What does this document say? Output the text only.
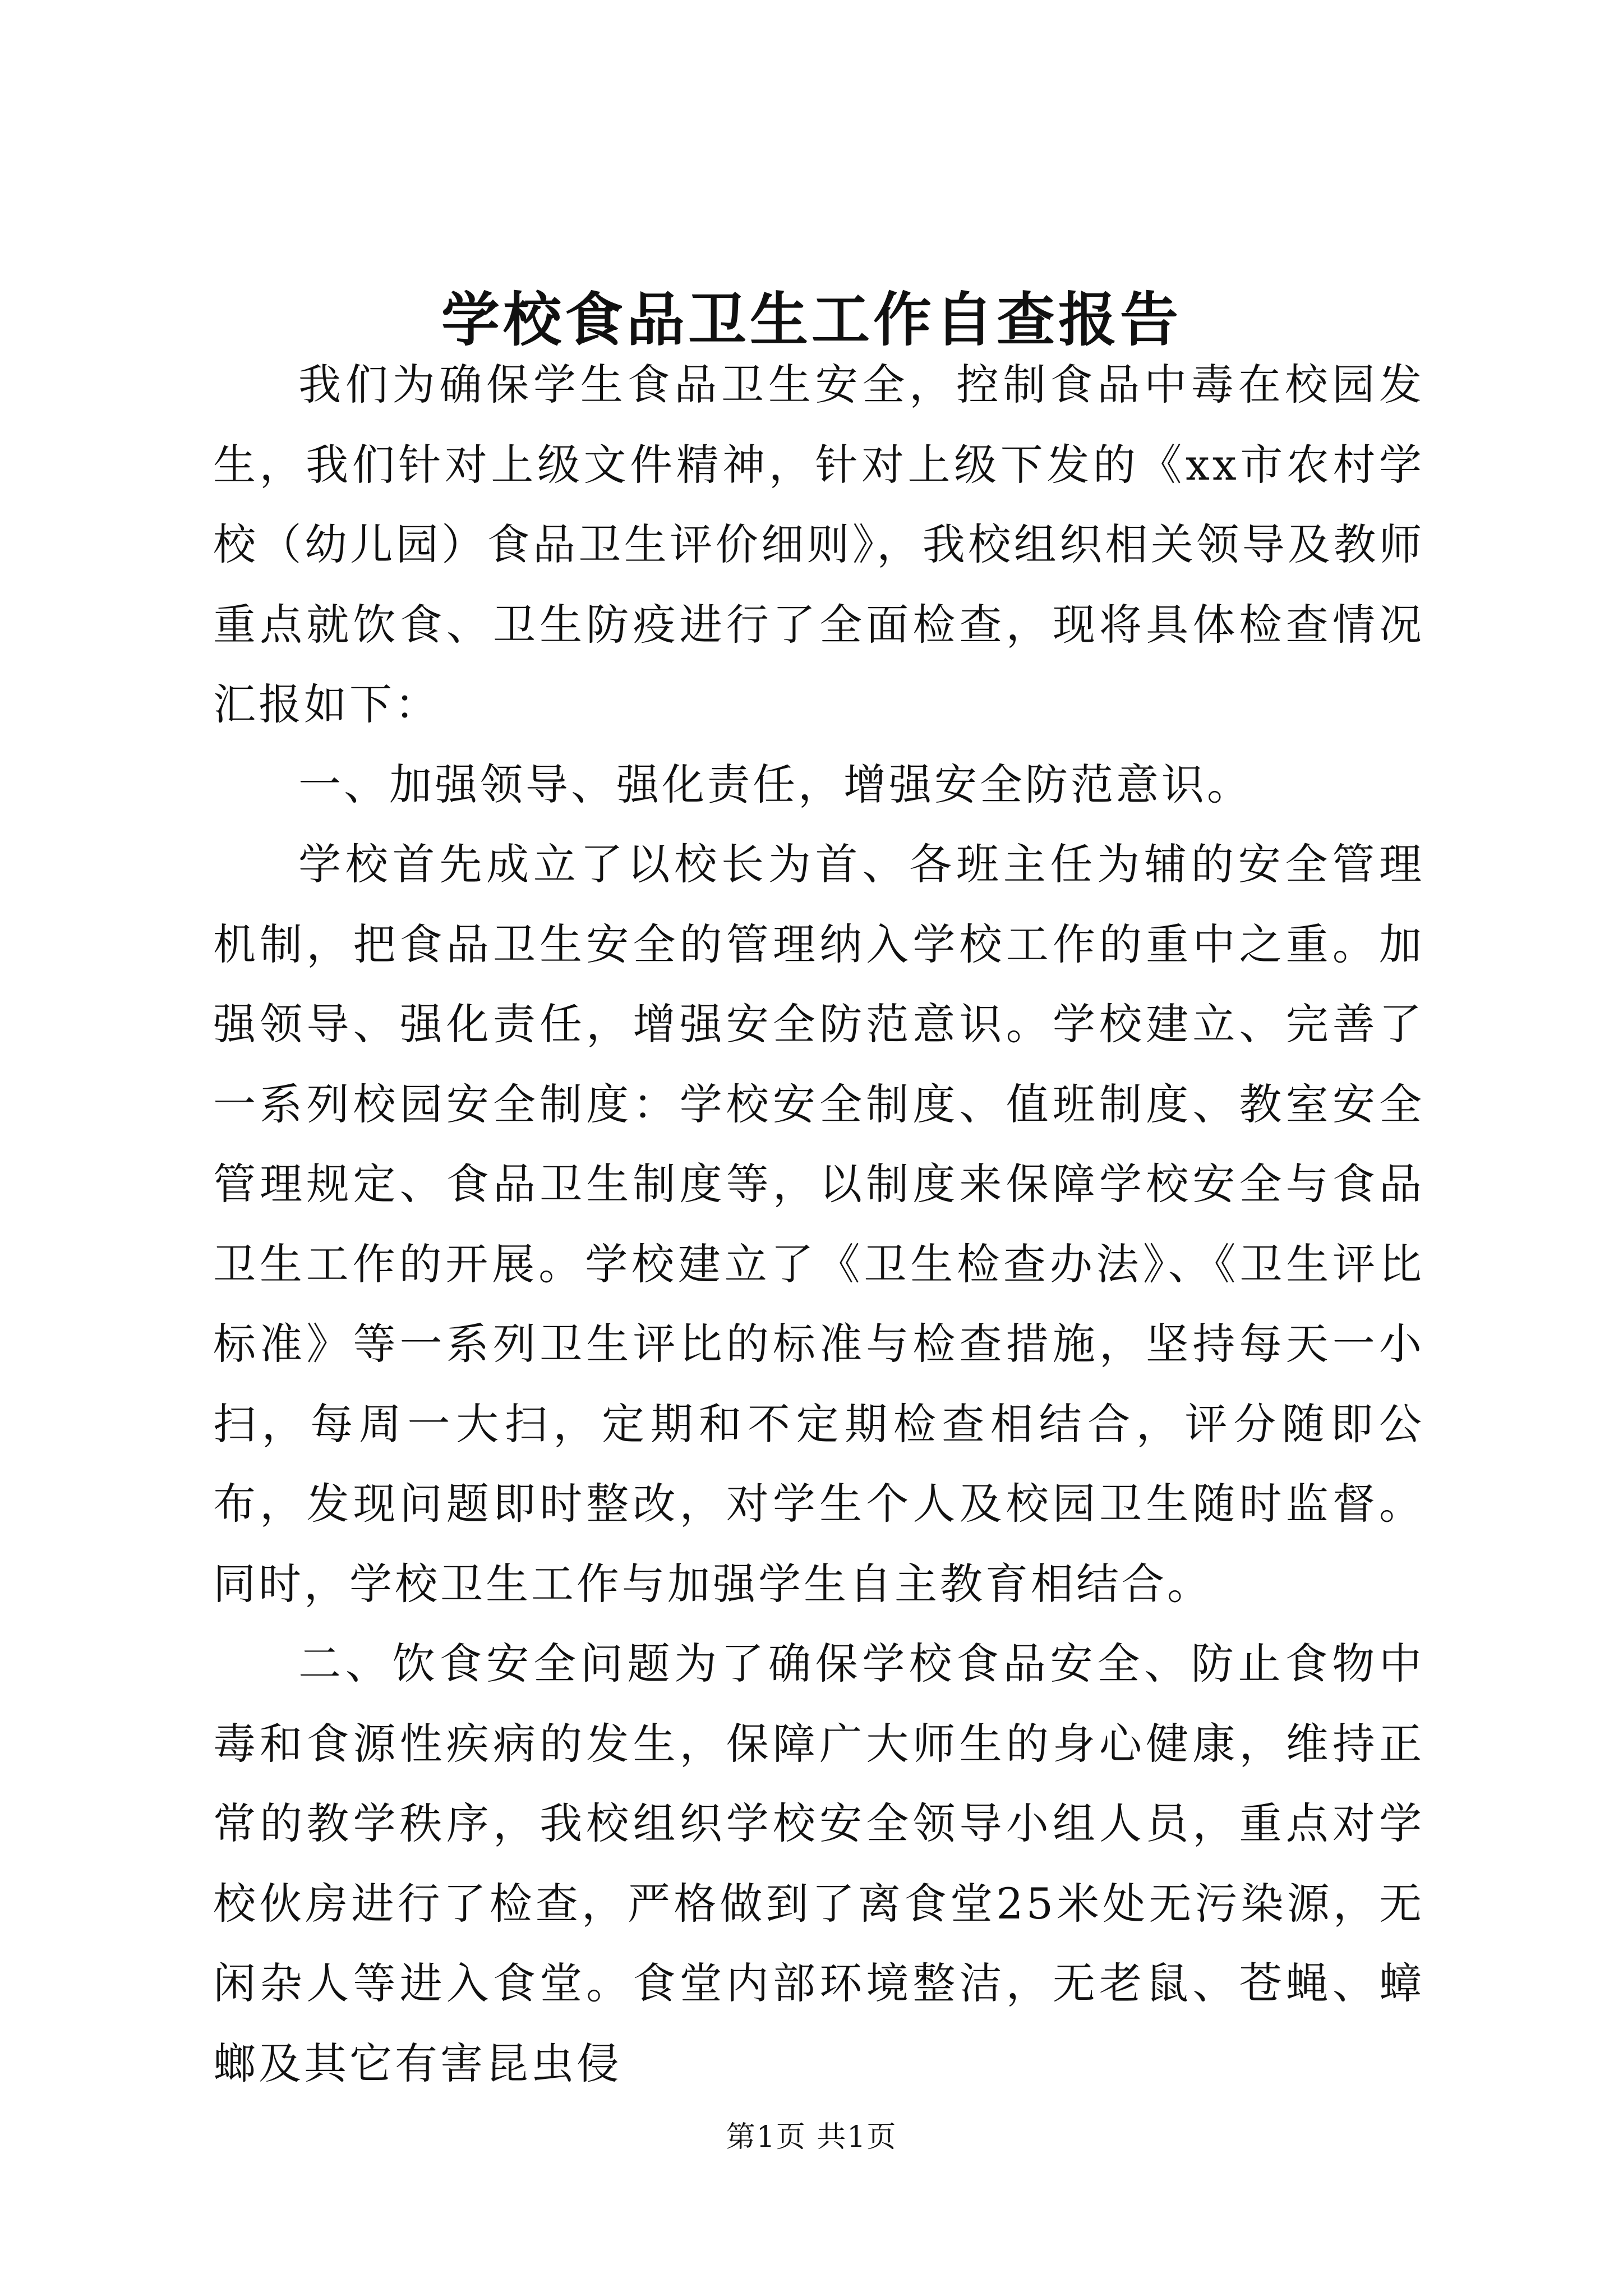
学校食品卫生工作自查报告

我们为确保学生食品卫生安全，控制食品中毒在校园发生，我们针对上级文件精神，针对上级下发的《xx市农村学校（幼儿园）食品卫生评价细则》，我校组织相关领导及教师重点就饮食、卫生防疫进行了全面检查，现将具体检查情况汇报如下：

一、加强领导、强化责任，增强安全防范意识。

学校首先成立了以校长为首、各班主任为辅的安全管理机制，把食品卫生安全的管理纳入学校工作的重中之重。加强领导、强化责任，增强安全防范意识。学校建立、完善了一系列校园安全制度：学校安全制度、值班制度、教室安全管理规定、食品卫生制度等，以制度来保障学校安全与食品卫生工作的开展。学校建立了《卫生检查办法》、《卫生评比标准》等一系列卫生评比的标准与检查措施，坚持每天一小扫，每周一大扫，定期和不定期检查相结合，评分随即公布，发现问题即时整改，对学生个人及校园卫生随时监督。同时，学校卫生工作与加强学生自主教育相结合。

二、饮食安全问题为了确保学校食品安全、防止食物中毒和食源性疾病的发生，保障广大师生的身心健康，维持正常的教学秩序，我校组织学校安全领导小组人员，重点对学校伙房进行了检查，严格做到了离食堂25米处无污染源，无闲杂人等进入食堂。食堂内部环境整洁，无老鼠、苍蝇、蟑螂及其它有害昆虫侵

第1页 共1页
